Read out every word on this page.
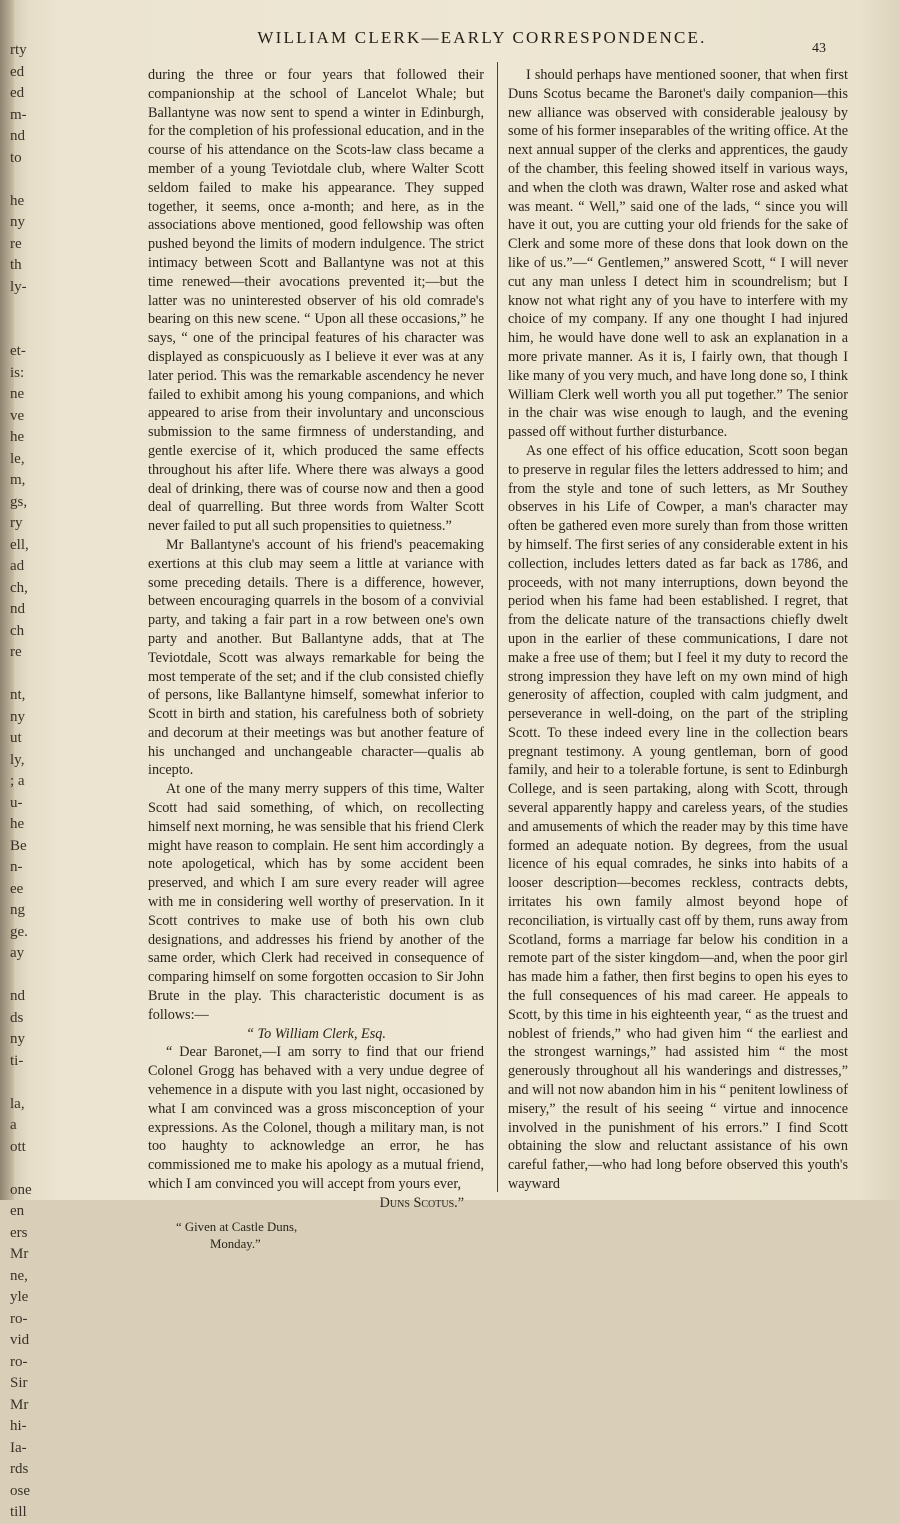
rty
ed
ed
m-
nd
to
he
ny
re
th
ly-
et-
is:
ne
ve
he
le,
m,
gs,
ry
ell,
ad
ch,
nd
ch
re
nt,
ny
ut
ly,
; a
u-
he
Be
n-
ee
ng
ge.
ay
nd
ds
ny
ti-
la,
a
ott
one
en
ers
Mr
ne,
yle
ro-
vid
ro-
Sir
Mr
hi-
Ia-
rds
ose
till
WILLIAM CLERK—EARLY CORRESPONDENCE.
43

during the three or four years that followed their companionship at the school of Lancelot Whale; but Ballantyne was now sent to spend a winter in Edinburgh, for the completion of his professional education, and in the course of his attendance on the Scots-law class became a member of a young Teviotdale club, where Walter Scott seldom failed to make his appearance. They supped together, it seems, once a-month; and here, as in the associations above mentioned, good fellowship was often pushed beyond the limits of modern indulgence. The strict intimacy between Scott and Ballantyne was not at this time renewed—their avocations prevented it;—but the latter was no uninterested observer of his old comrade's bearing on this new scene. “ Upon all these occasions,” he says, “ one of the principal features of his character was displayed as conspicuously as I believe it ever was at any later period. This was the remarkable ascendency he never failed to exhibit among his young companions, and which appeared to arise from their involuntary and unconscious submission to the same firmness of understanding, and gentle exercise of it, which produced the same effects throughout his after life. Where there was always a good deal of drinking, there was of course now and then a good deal of quarrelling. But three words from Walter Scott never failed to put all such propensities to quietness.”

Mr Ballantyne's account of his friend's peacemaking exertions at this club may seem a little at variance with some preceding details. There is a difference, however, between encouraging quarrels in the bosom of a convivial party, and taking a fair part in a row between one's own party and another. But Ballantyne adds, that at The Teviotdale, Scott was always remarkable for being the most temperate of the set; and if the club consisted chiefly of persons, like Ballantyne himself, somewhat inferior to Scott in birth and station, his carefulness both of sobriety and decorum at their meetings was but another feature of his unchanged and unchangeable character—qualis ab incepto.

At one of the many merry suppers of this time, Walter Scott had said something, of which, on recollecting himself next morning, he was sensible that his friend Clerk might have reason to complain. He sent him accordingly a note apologetical, which has by some accident been preserved, and which I am sure every reader will agree with me in considering well worthy of preservation. In it Scott contrives to make use of both his own club designations, and addresses his friend by another of the same order, which Clerk had received in consequence of comparing himself on some forgotten occasion to Sir John Brute in the play. This characteristic document is as follows:—

“ To William Clerk, Esq.

“ Dear Baronet,—I am sorry to find that our friend Colonel Grogg has behaved with a very undue degree of vehemence in a dispute with you last night, occasioned by what I am convinced was a gross misconception of your expressions. As the Colonel, though a military man, is not too haughty to acknowledge an error, he has commissioned me to make his apology as a mutual friend, which I am convinced you will accept from yours ever,

Duns Scotus.”

“ Given at Castle Duns,
Monday.”

I should perhaps have mentioned sooner, that when first Duns Scotus became the Baronet's daily companion—this new alliance was observed with considerable jealousy by some of his former inseparables of the writing office. At the next annual supper of the clerks and apprentices, the gaudy of the chamber, this feeling showed itself in various ways, and when the cloth was drawn, Walter rose and asked what was meant. “ Well,” said one of the lads, “ since you will have it out, you are cutting your old friends for the sake of Clerk and some more of these dons that look down on the like of us.”—“ Gentlemen,” answered Scott, “ I will never cut any man unless I detect him in scoundrelism; but I know not what right any of you have to interfere with my choice of my company. If any one thought I had injured him, he would have done well to ask an explanation in a more private manner. As it is, I fairly own, that though I like many of you very much, and have long done so, I think William Clerk well worth you all put together.” The senior in the chair was wise enough to laugh, and the evening passed off without further disturbance.

As one effect of his office education, Scott soon began to preserve in regular files the letters addressed to him; and from the style and tone of such letters, as Mr Southey observes in his Life of Cowper, a man's character may often be gathered even more surely than from those written by himself. The first series of any considerable extent in his collection, includes letters dated as far back as 1786, and proceeds, with not many interruptions, down beyond the period when his fame had been established. I regret, that from the delicate nature of the transactions chiefly dwelt upon in the earlier of these communications, I dare not make a free use of them; but I feel it my duty to record the strong impression they have left on my own mind of high generosity of affection, coupled with calm judgment, and perseverance in well-doing, on the part of the stripling Scott. To these indeed every line in the collection bears pregnant testimony. A young gentleman, born of good family, and heir to a tolerable fortune, is sent to Edinburgh College, and is seen partaking, along with Scott, through several apparently happy and careless years, of the studies and amusements of which the reader may by this time have formed an adequate notion. By degrees, from the usual licence of his equal comrades, he sinks into habits of a looser description—becomes reckless, contracts debts, irritates his own family almost beyond hope of reconciliation, is virtually cast off by them, runs away from Scotland, forms a marriage far below his condition in a remote part of the sister kingdom—and, when the poor girl has made him a father, then first begins to open his eyes to the full consequences of his mad career. He appeals to Scott, by this time in his eighteenth year, “ as the truest and noblest of friends,” who had given him “ the earliest and the strongest warnings,” had assisted him “ the most generously throughout all his wanderings and distresses,” and will not now abandon him in his “ penitent lowliness of misery,” the result of his seeing “ virtue and innocence involved in the punishment of his errors.” I find Scott obtaining the slow and reluctant assistance of his own careful father,—who had long before observed this youth's wayward
